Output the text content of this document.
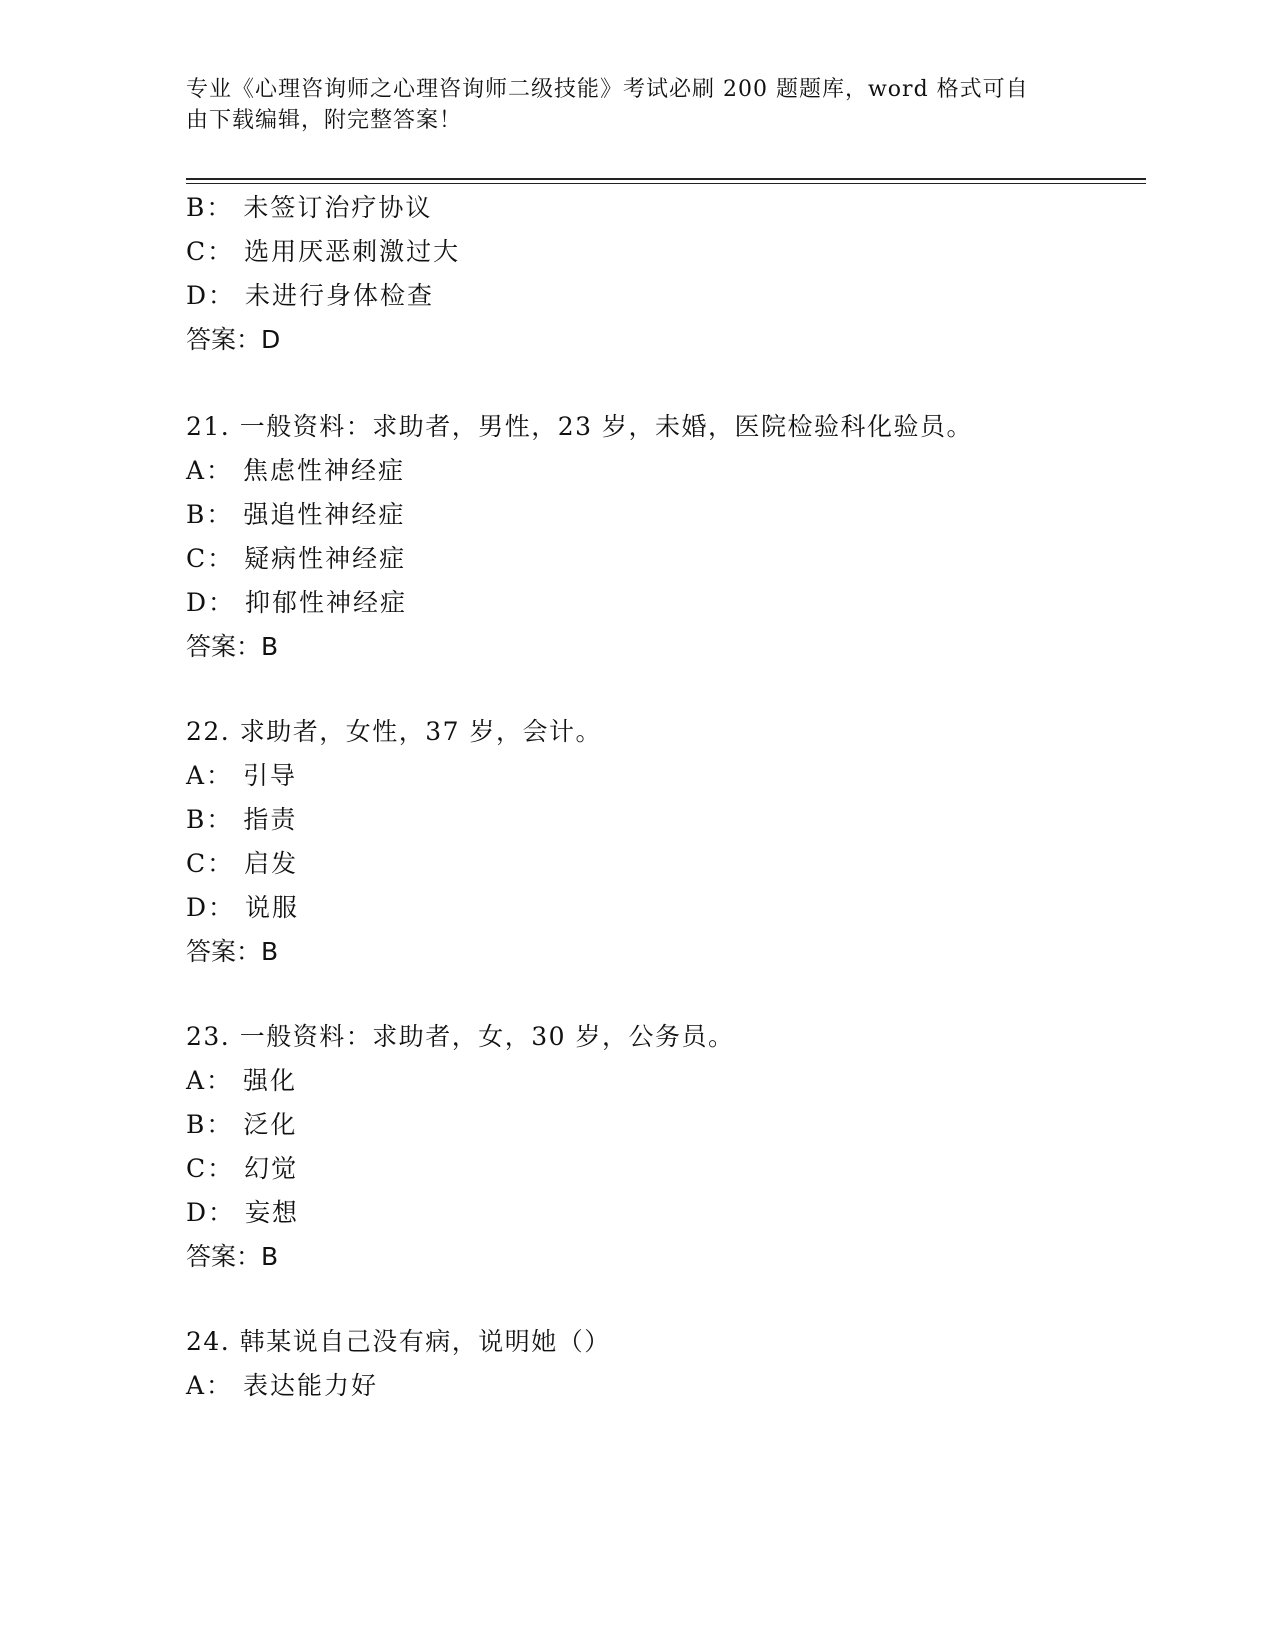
专业《心理咨询师之心理咨询师二级技能》考试必刷 200 题题库，word 格式可自
由下载编辑，附完整答案！
B： 未签订治疗协议
C： 选用厌恶刺激过大
D： 未进行身体检查
答案：D
21. 一般资料：求助者，男性，23 岁，未婚，医院检验科化验员。
A： 焦虑性神经症
B： 强追性神经症
C： 疑病性神经症
D： 抑郁性神经症
答案：B
22. 求助者，女性，37 岁，会计。
A： 引导
B： 指责
C： 启发
D： 说服
答案：B
23. 一般资料：求助者，女，30 岁，公务员。
A： 强化
B： 泛化
C： 幻觉
D： 妄想
答案：B
24. 韩某说自己没有病，说明她（）
A： 表达能力好
